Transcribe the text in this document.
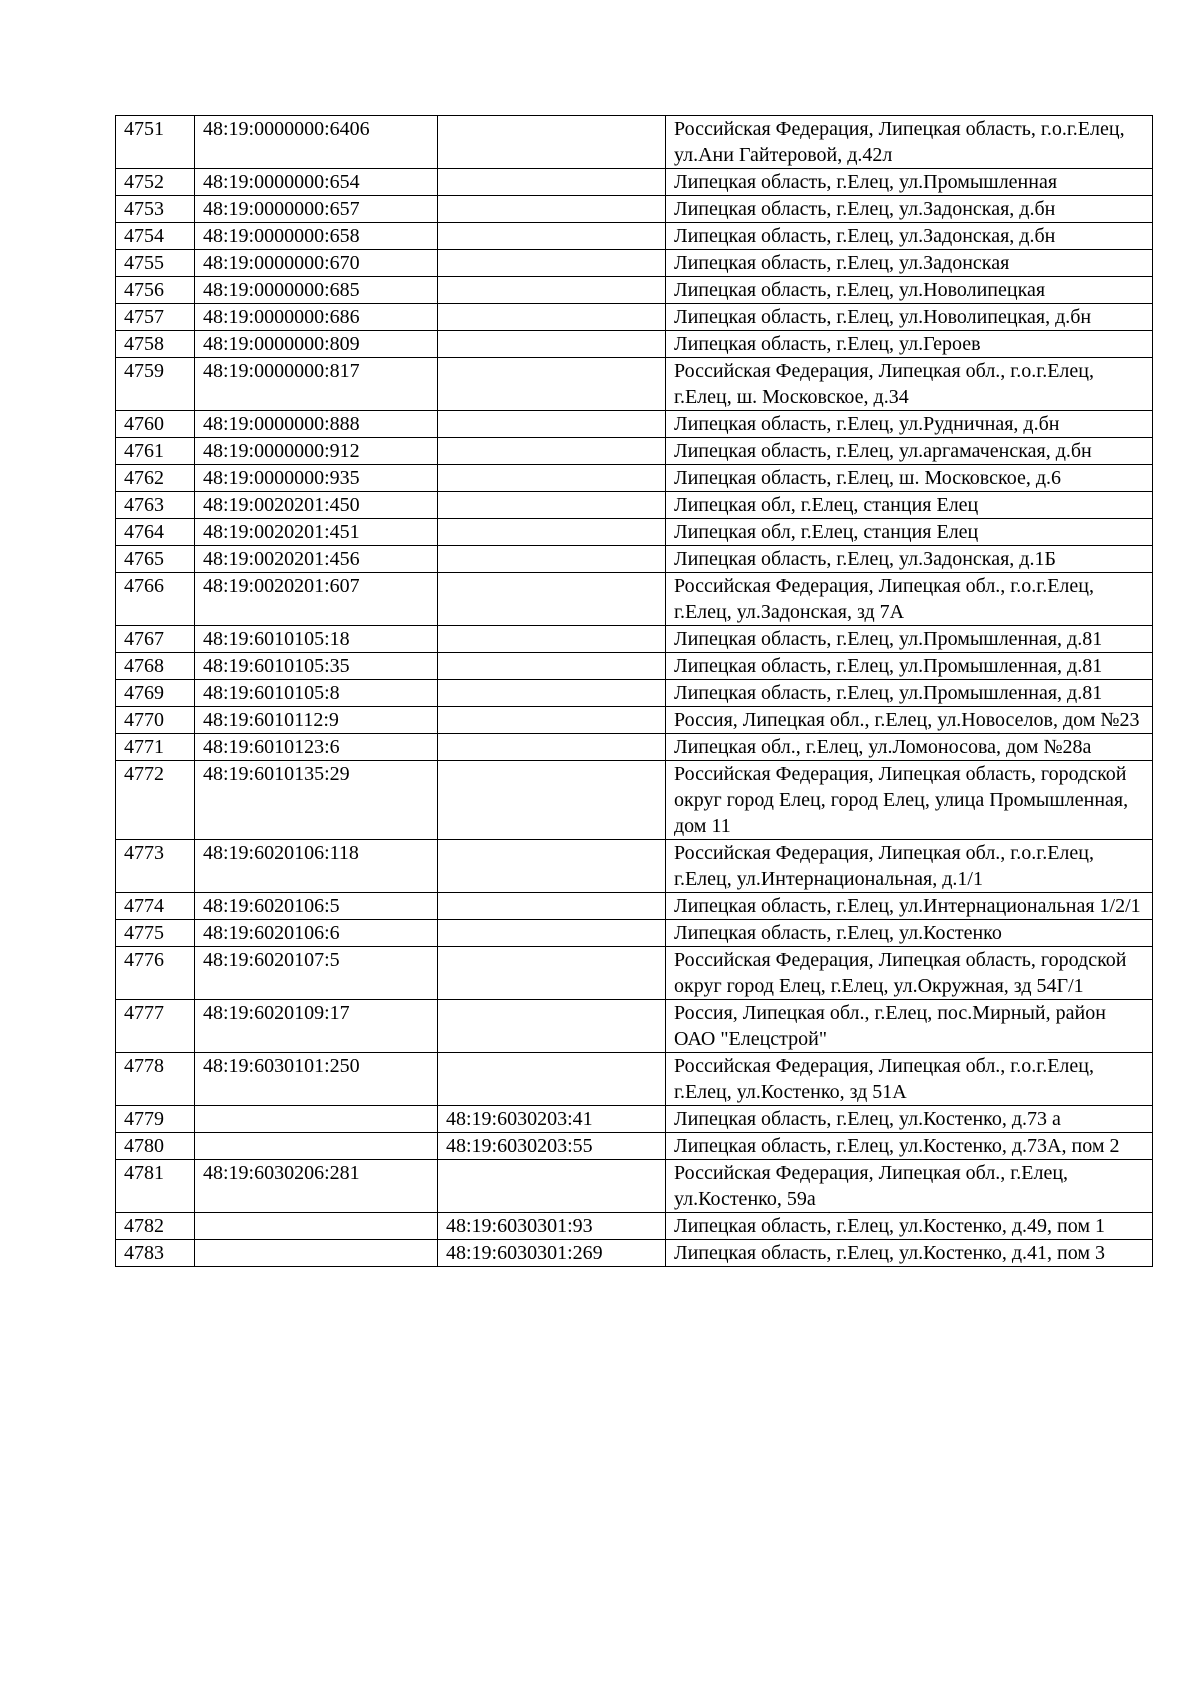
4751	48:19:0000000:6406		Российская Федерация, Липецкая область, г.о.г.Елец, ул.Ани Гайтеровой, д.42л
4752	48:19:0000000:654		Липецкая область, г.Елец, ул.Промышленная
4753	48:19:0000000:657		Липецкая область, г.Елец, ул.Задонская, д.бн
4754	48:19:0000000:658		Липецкая область, г.Елец, ул.Задонская, д.бн
4755	48:19:0000000:670		Липецкая область, г.Елец, ул.Задонская
4756	48:19:0000000:685		Липецкая область, г.Елец, ул.Новолипецкая
4757	48:19:0000000:686		Липецкая область, г.Елец, ул.Новолипецкая, д.бн
4758	48:19:0000000:809		Липецкая область, г.Елец, ул.Героев
4759	48:19:0000000:817		Российская Федерация, Липецкая обл., г.о.г.Елец, г.Елец, ш. Московское, д.34
4760	48:19:0000000:888		Липецкая область, г.Елец, ул.Рудничная, д.бн
4761	48:19:0000000:912		Липецкая область, г.Елец, ул.аргамаченская, д.бн
4762	48:19:0000000:935		Липецкая область, г.Елец, ш. Московское, д.6
4763	48:19:0020201:450		Липецкая обл, г.Елец, станция Елец
4764	48:19:0020201:451		Липецкая обл, г.Елец, станция Елец
4765	48:19:0020201:456		Липецкая область, г.Елец, ул.Задонская, д.1Б
4766	48:19:0020201:607		Российская Федерация, Липецкая обл., г.о.г.Елец, г.Елец, ул.Задонская, зд 7А
4767	48:19:6010105:18		Липецкая область, г.Елец, ул.Промышленная, д.81
4768	48:19:6010105:35		Липецкая область, г.Елец, ул.Промышленная, д.81
4769	48:19:6010105:8		Липецкая область, г.Елец, ул.Промышленная, д.81
4770	48:19:6010112:9		Россия, Липецкая обл., г.Елец, ул.Новоселов, дом №23
4771	48:19:6010123:6		Липецкая обл., г.Елец, ул.Ломоносова, дом №28а
4772	48:19:6010135:29		Российская Федерация, Липецкая область, городской округ город Елец, город Елец, улица Промышленная, дом 11
4773	48:19:6020106:118		Российская Федерация, Липецкая обл., г.о.г.Елец, г.Елец, ул.Интернациональная, д.1/1
4774	48:19:6020106:5		Липецкая область, г.Елец, ул.Интернациональная 1/2/1
4775	48:19:6020106:6		Липецкая область, г.Елец, ул.Костенко
4776	48:19:6020107:5		Российская Федерация, Липецкая область, городской округ город Елец, г.Елец, ул.Окружная, зд 54Г/1
4777	48:19:6020109:17		Россия, Липецкая обл., г.Елец, пос.Мирный, район ОАО "Елецстрой"
4778	48:19:6030101:250		Российская Федерация, Липецкая обл., г.о.г.Елец, г.Елец, ул.Костенко, зд 51А
4779		48:19:6030203:41	Липецкая область, г.Елец, ул.Костенко, д.73 а
4780		48:19:6030203:55	Липецкая область, г.Елец, ул.Костенко, д.73А, пом 2
4781	48:19:6030206:281		Российская Федерация, Липецкая обл., г.Елец, ул.Костенко, 59а
4782		48:19:6030301:93	Липецкая область, г.Елец, ул.Костенко, д.49, пом 1
4783		48:19:6030301:269	Липецкая область, г.Елец, ул.Костенко, д.41, пом 3
